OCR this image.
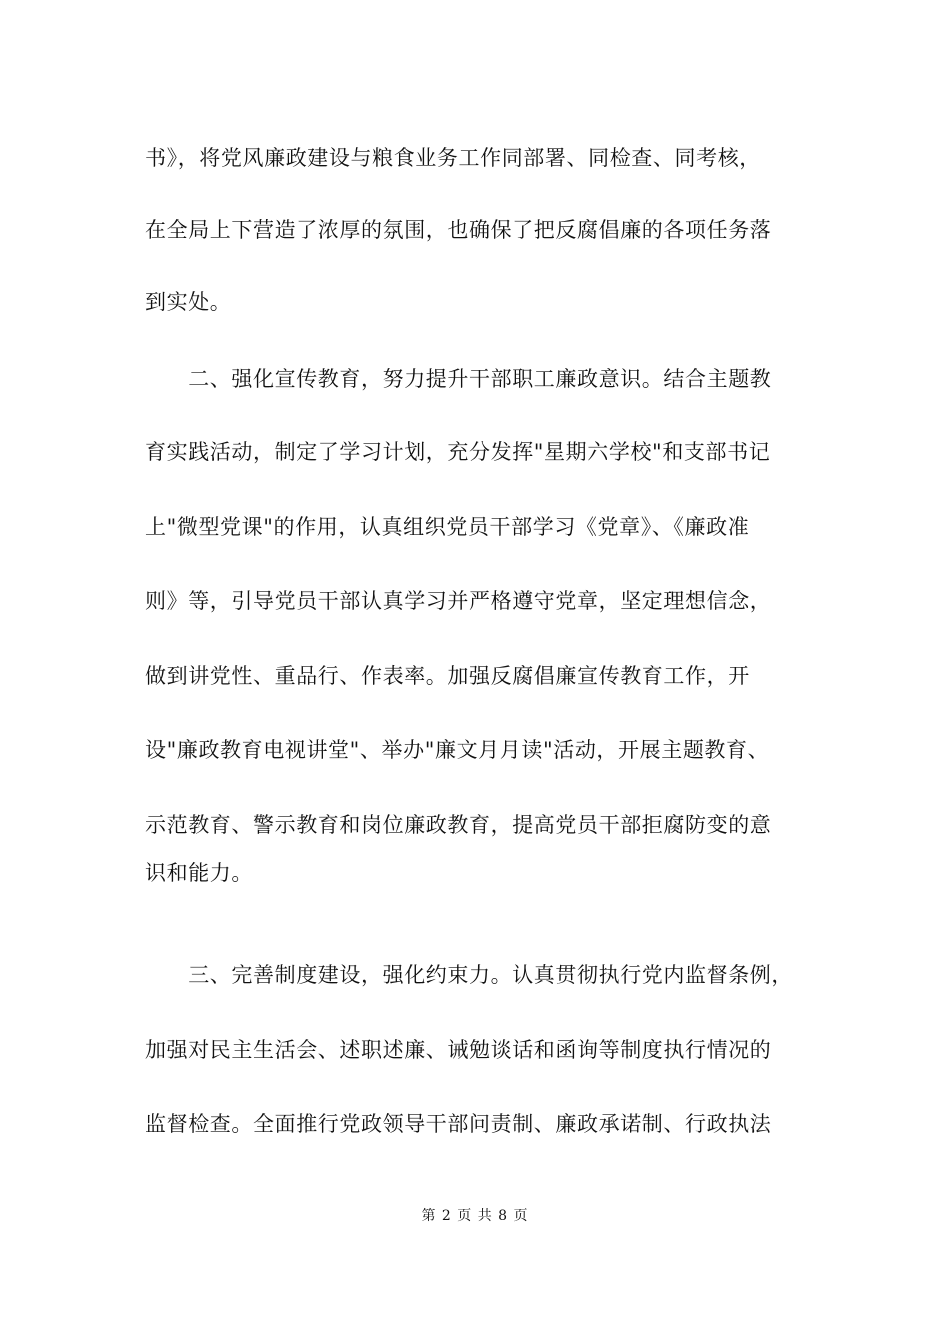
书》，将党风廉政建设与粮食业务工作同部署、同检查、同考核，
在全局上下营造了浓厚的氛围，也确保了把反腐倡廉的各项任务落
到实处。
　　二、强化宣传教育，努力提升干部职工廉政意识。结合主题教
育实践活动，制定了学习计划，充分发挥"星期六学校"和支部书记
上"微型党课"的作用，认真组织党员干部学习《党章》、《廉政准
则》等，引导党员干部认真学习并严格遵守党章，坚定理想信念，
做到讲党性、重品行、作表率。加强反腐倡廉宣传教育工作，开
设"廉政教育电视讲堂"、举办"廉文月月读"活动，开展主题教育、
示范教育、警示教育和岗位廉政教育，提高党员干部拒腐防变的意
识和能力。
　　三、完善制度建设，强化约束力。认真贯彻执行党内监督条例，
加强对民主生活会、述职述廉、诫勉谈话和函询等制度执行情况的
监督检查。全面推行党政领导干部问责制、廉政承诺制、行政执法
第 2 页 共 8 页
